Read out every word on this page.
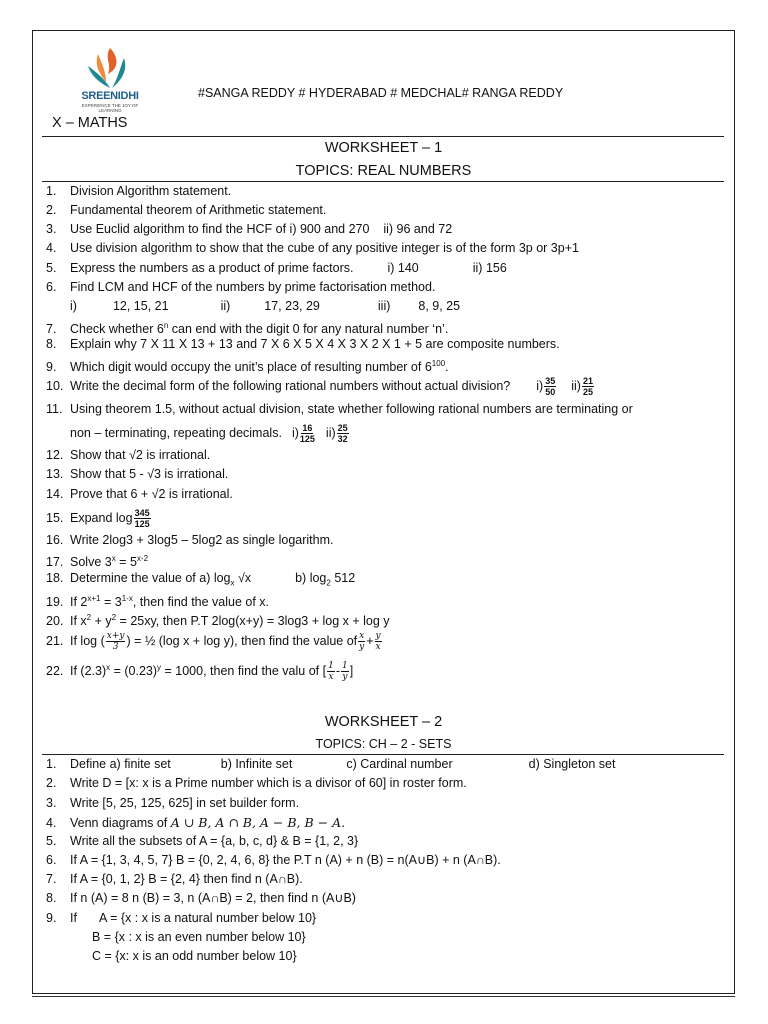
SREENIDHI
EXPERIENCE THE JOY OF LEARNING
#SANGA REDDY # HYDERABAD # MEDCHAL# RANGA REDDY
X – MATHS
WORKSHEET – 1
TOPICS: REAL NUMBERS
1. Division Algorithm statement.
2. Fundamental theorem of Arithmetic statement.
3. Use Euclid algorithm to find the HCF of i) 900 and 270    ii) 96 and 72
4. Use division algorithm to show that the cube of any positive integer is of the form 3p or 3p+1
5. Express the numbers as a product of prime factors.	i) 140	ii) 156
6. Find LCM and HCF of the numbers by prime factorisation method.
i)	12, 15, 21	ii)	17, 23, 29	iii) 8, 9, 25
7. Check whether 6$^n$ can end with the digit 0 for any natural number ‘n’.
8. Explain why 7 X 11 X 13 + 13 and 7 X 6 X 5 X 4 X 3 X 2 X 1 + 5 are composite numbers.
9. Which digit would occupy the unit’s place of resulting number of $6^{100}$.
10. Write the decimal form of the following rational numbers without actual division? $i) \frac{35}{50} ii) \frac{21}{25}$
11. Using theorem 1.5, without actual division, state whether following rational numbers are terminating or
non – terminating, repeating decimals. $i) \frac{16}{125} ii) \frac{25}{32}$
12. Show that √2 is irrational.
13. Show that 5 - √3 is irrational.
14. Prove that 6 + √2 is irrational.
15. Expand $\log \frac{345}{125}$
16. Write 2log3 + 3log5 – 5log2 as single logarithm.
17. Solve $3^x = 5^{x-2}$
18. Determine the value of a) $\log_x √x$	b) $\log_2 512$
19. If $2^{x+1} = 3^{1-x}$, then find the value of x.
20. If $x^2 + y^2 = 25xy$, then P.T 2log(x+y) = 3log3 + log x + log y
21. If log ( $\frac{x+y}{3}$ ) = ½ (log x + log y), then find the value of $\frac{x}{y} + \frac{y}{x}$
22. If $(2.3)^x = (0.23)^y = 1000$, then find the valu of [ $\frac{1}{x} - \frac{1}{y}$ ]
WORKSHEET – 2
TOPICS: CH – 2 - SETS
1. Define a) finite set	b) Infinite set	c) Cardinal number	d) Singleton set
2. Write D = [x: x is a Prime number which is a divisor of 60] in roster form.
3. Write [5, 25, 125, 625] in set builder form.
4. Venn diagrams of A ∪ B, A ∩ B, A − B, B − A.
5. Write all the subsets of A = {a, b, c, d} & B = {1, 2, 3}
6. If A = {1, 3, 4, 5, 7} B = {0, 2, 4, 6, 8} the P.T n (A) + n (B) = n(A∪B) + n (A∩B).
7. If A = {0, 1, 2} B = {2, 4} then find n (A∩B).
8. If n (A) = 8 n (B) = 3, n (A∩B) = 2, then find n (A∪B)
9. If A = {x : x is a natural number below 10}
B = {x : x is an even number below 10}
C = {x: x is an odd number below 10}
